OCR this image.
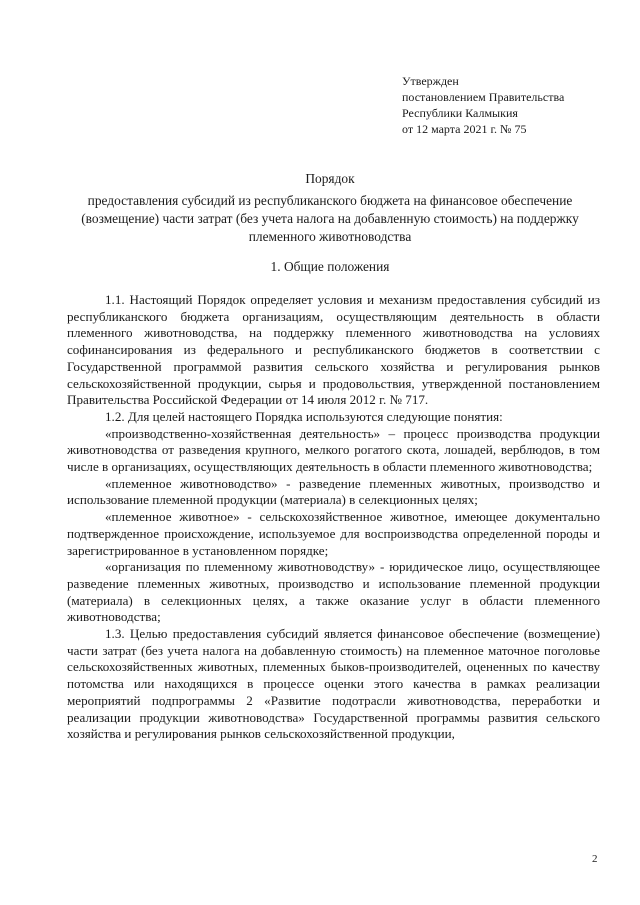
Утвержден
постановлением Правительства
Республики Калмыкия
от 12 марта 2021 г. № 75
Порядок
предоставления субсидий из республиканского бюджета на финансовое обеспечение (возмещение) части затрат (без учета налога на добавленную стоимость) на поддержку племенного животноводства
1. Общие положения

1.1. Настоящий Порядок определяет условия и механизм предоставления субсидий из республиканского бюджета организациям, осуществляющим деятельность в области племенного животноводства, на поддержку племенного животноводства на условиях софинансирования из федерального и республиканского бюджетов в соответствии с Государственной программой развития сельского хозяйства и регулирования рынков сельскохозяйственной продукции, сырья и продовольствия, утвержденной постановлением Правительства Российской Федерации от 14 июля 2012 г. № 717.

1.2. Для целей настоящего Порядка используются следующие понятия:

«производственно-хозяйственная деятельность» – процесс производства продукции животноводства от разведения крупного, мелкого рогатого скота, лошадей, верблюдов, в том числе в организациях, осуществляющих деятельность в области племенного животноводства;

«племенное животноводство» - разведение племенных животных, производство и использование племенной продукции (материала) в селекционных целях;

«племенное животное» - сельскохозяйственное животное, имеющее документально подтвержденное происхождение, используемое для воспроизводства определенной породы и зарегистрированное в установленном порядке;

«организация по племенному животноводству» - юридическое лицо, осуществляющее разведение племенных животных, производство и использование племенной продукции (материала) в селекционных целях, а также оказание услуг в области племенного животноводства;

1.3. Целью предоставления субсидий является финансовое обеспечение (возмещение) части затрат (без учета налога на добавленную стоимость) на племенное маточное поголовье сельскохозяйственных животных, племенных быков-производителей, оцененных по качеству потомства или находящихся в процессе оценки этого качества в рамках реализации мероприятий подпрограммы 2 «Развитие подотрасли животноводства, переработки и реализации продукции животноводства» Государственной программы развития сельского хозяйства и регулирования рынков сельскохозяйственной продукции,

2
